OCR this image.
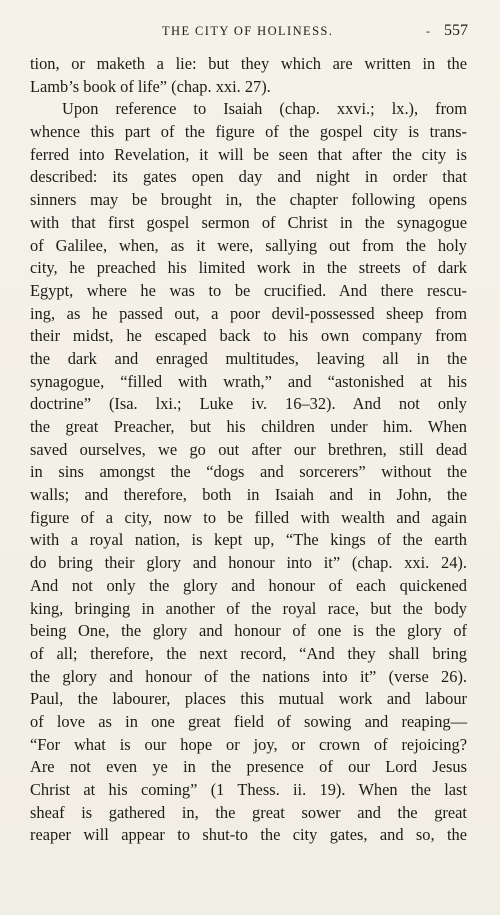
THE CITY OF HOLINESS.	- 557
tion, or maketh a lie: but they which are written in the
Lamb’s book of life” (chap. xxi. 27).
Upon reference to Isaiah (chap. xxvi.; lx.), from
whence this part of the figure of the gospel city is trans-
ferred into Revelation, it will be seen that after the city is
described: its gates open day and night in order that
sinners may be brought in, the chapter following opens
with that first gospel sermon of Christ in the synagogue
of Galilee, when, as it were, sallying out from the holy
city, he preached his limited work in the streets of dark
Egypt, where he was to be crucified. And there rescu-
ing, as he passed out, a poor devil-possessed sheep from
their midst, he escaped back to his own company from
the dark and enraged multitudes, leaving all in the
synagogue, “filled with wrath,” and “astonished at his
doctrine” (Isa. lxi.; Luke iv. 16–32). And not only
the great Preacher, but his children under him. When
saved ourselves, we go out after our brethren, still dead
in sins amongst the “dogs and sorcerers” without the
walls; and therefore, both in Isaiah and in John, the
figure of a city, now to be filled with wealth and again
with a royal nation, is kept up, “The kings of the earth
do bring their glory and honour into it” (chap. xxi. 24).
And not only the glory and honour of each quickened
king, bringing in another of the royal race, but the body
being One, the glory and honour of one is the glory of
of all; therefore, the next record, “And they shall bring
the glory and honour of the nations into it” (verse 26).
Paul, the labourer, places this mutual work and labour
of love as in one great field of sowing and reaping—
“For what is our hope or joy, or crown of rejoicing?
Are not even ye in the presence of our Lord Jesus
Christ at his coming” (1 Thess. ii. 19). When the last
sheaf is gathered in, the great sower and the great
reaper will appear to shut-to the city gates, and so, the
